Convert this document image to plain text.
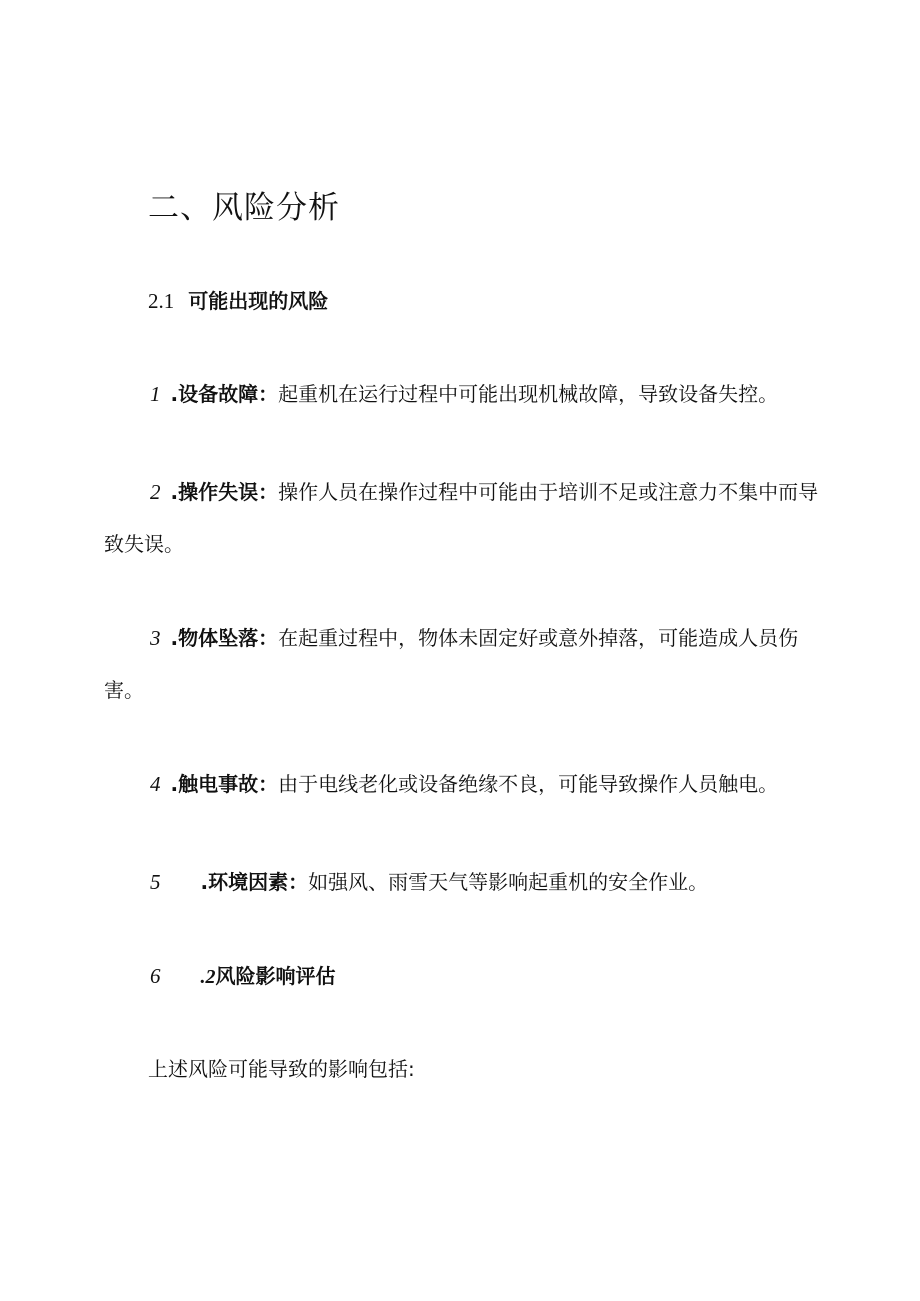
二、风险分析
2.1 可能出现的风险

1 .设备故障：起重机在运行过程中可能出现机械故障，导致设备失控。

2 .操作失误：操作人员在操作过程中可能由于培训不足或注意力不集中而导致失误。

3 .物体坠落：在起重过程中，物体未固定好或意外掉落，可能造成人员伤害。

4 .触电事故：由于电线老化或设备绝缘不良，可能导致操作人员触电。

5 .环境因素：如强风、雨雪天气等影响起重机的安全作业。

6 .2风险影响评估

上述风险可能导致的影响包括:
